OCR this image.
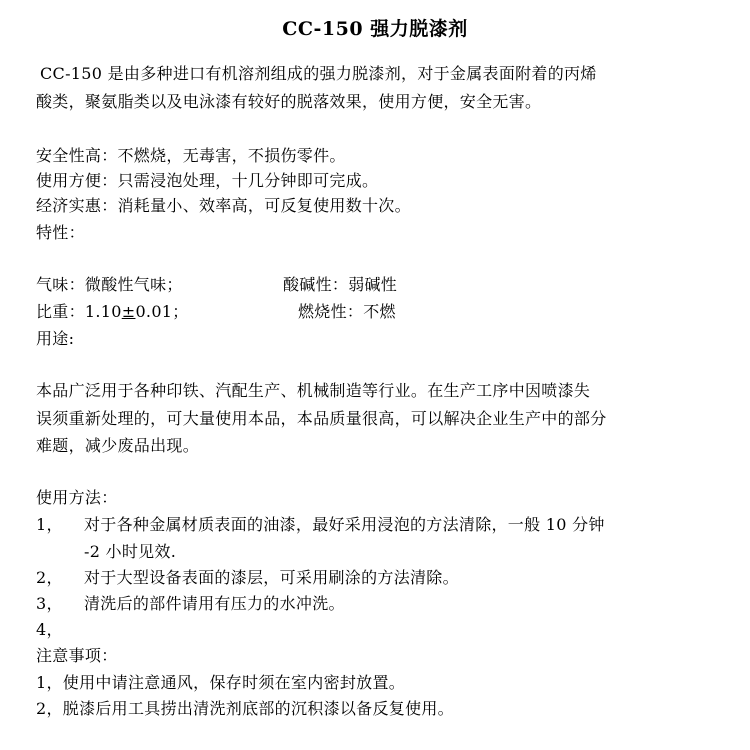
CC-150 强力脱漆剂
CC-150 是由多种进口有机溶剂组成的强力脱漆剂，对于金属表面附着的丙烯
酸类，聚氨脂类以及电泳漆有较好的脱落效果，使用方便，安全无害。
安全性高：不燃烧，无毒害，不损伤零件。
使用方便：只需浸泡处理，十几分钟即可完成。
经济实惠：消耗量小、效率高，可反复使用数十次。
特性：
气味：微酸性气味；	酸碱性：弱碱性
比重：1.10±0.01；	燃烧性：不燃
用途:
本品广泛用于各种印铁、汽配生产、机械制造等行业。在生产工序中因喷漆失
误须重新处理的，可大量使用本品，本品质量很高，可以解决企业生产中的部分
难题，减少废品出现。
使用方法：
1， 对于各种金属材质表面的油漆，最好采用浸泡的方法清除，一般 10 分钟
-2 小时见效.
2， 对于大型设备表面的漆层，可采用刷涂的方法清除。
3， 清洗后的部件请用有压力的水冲洗。
4，
注意事项：
1，使用中请注意通风，保存时须在室内密封放置。
2，脱漆后用工具捞出清洗剂底部的沉积漆以备反复使用。
